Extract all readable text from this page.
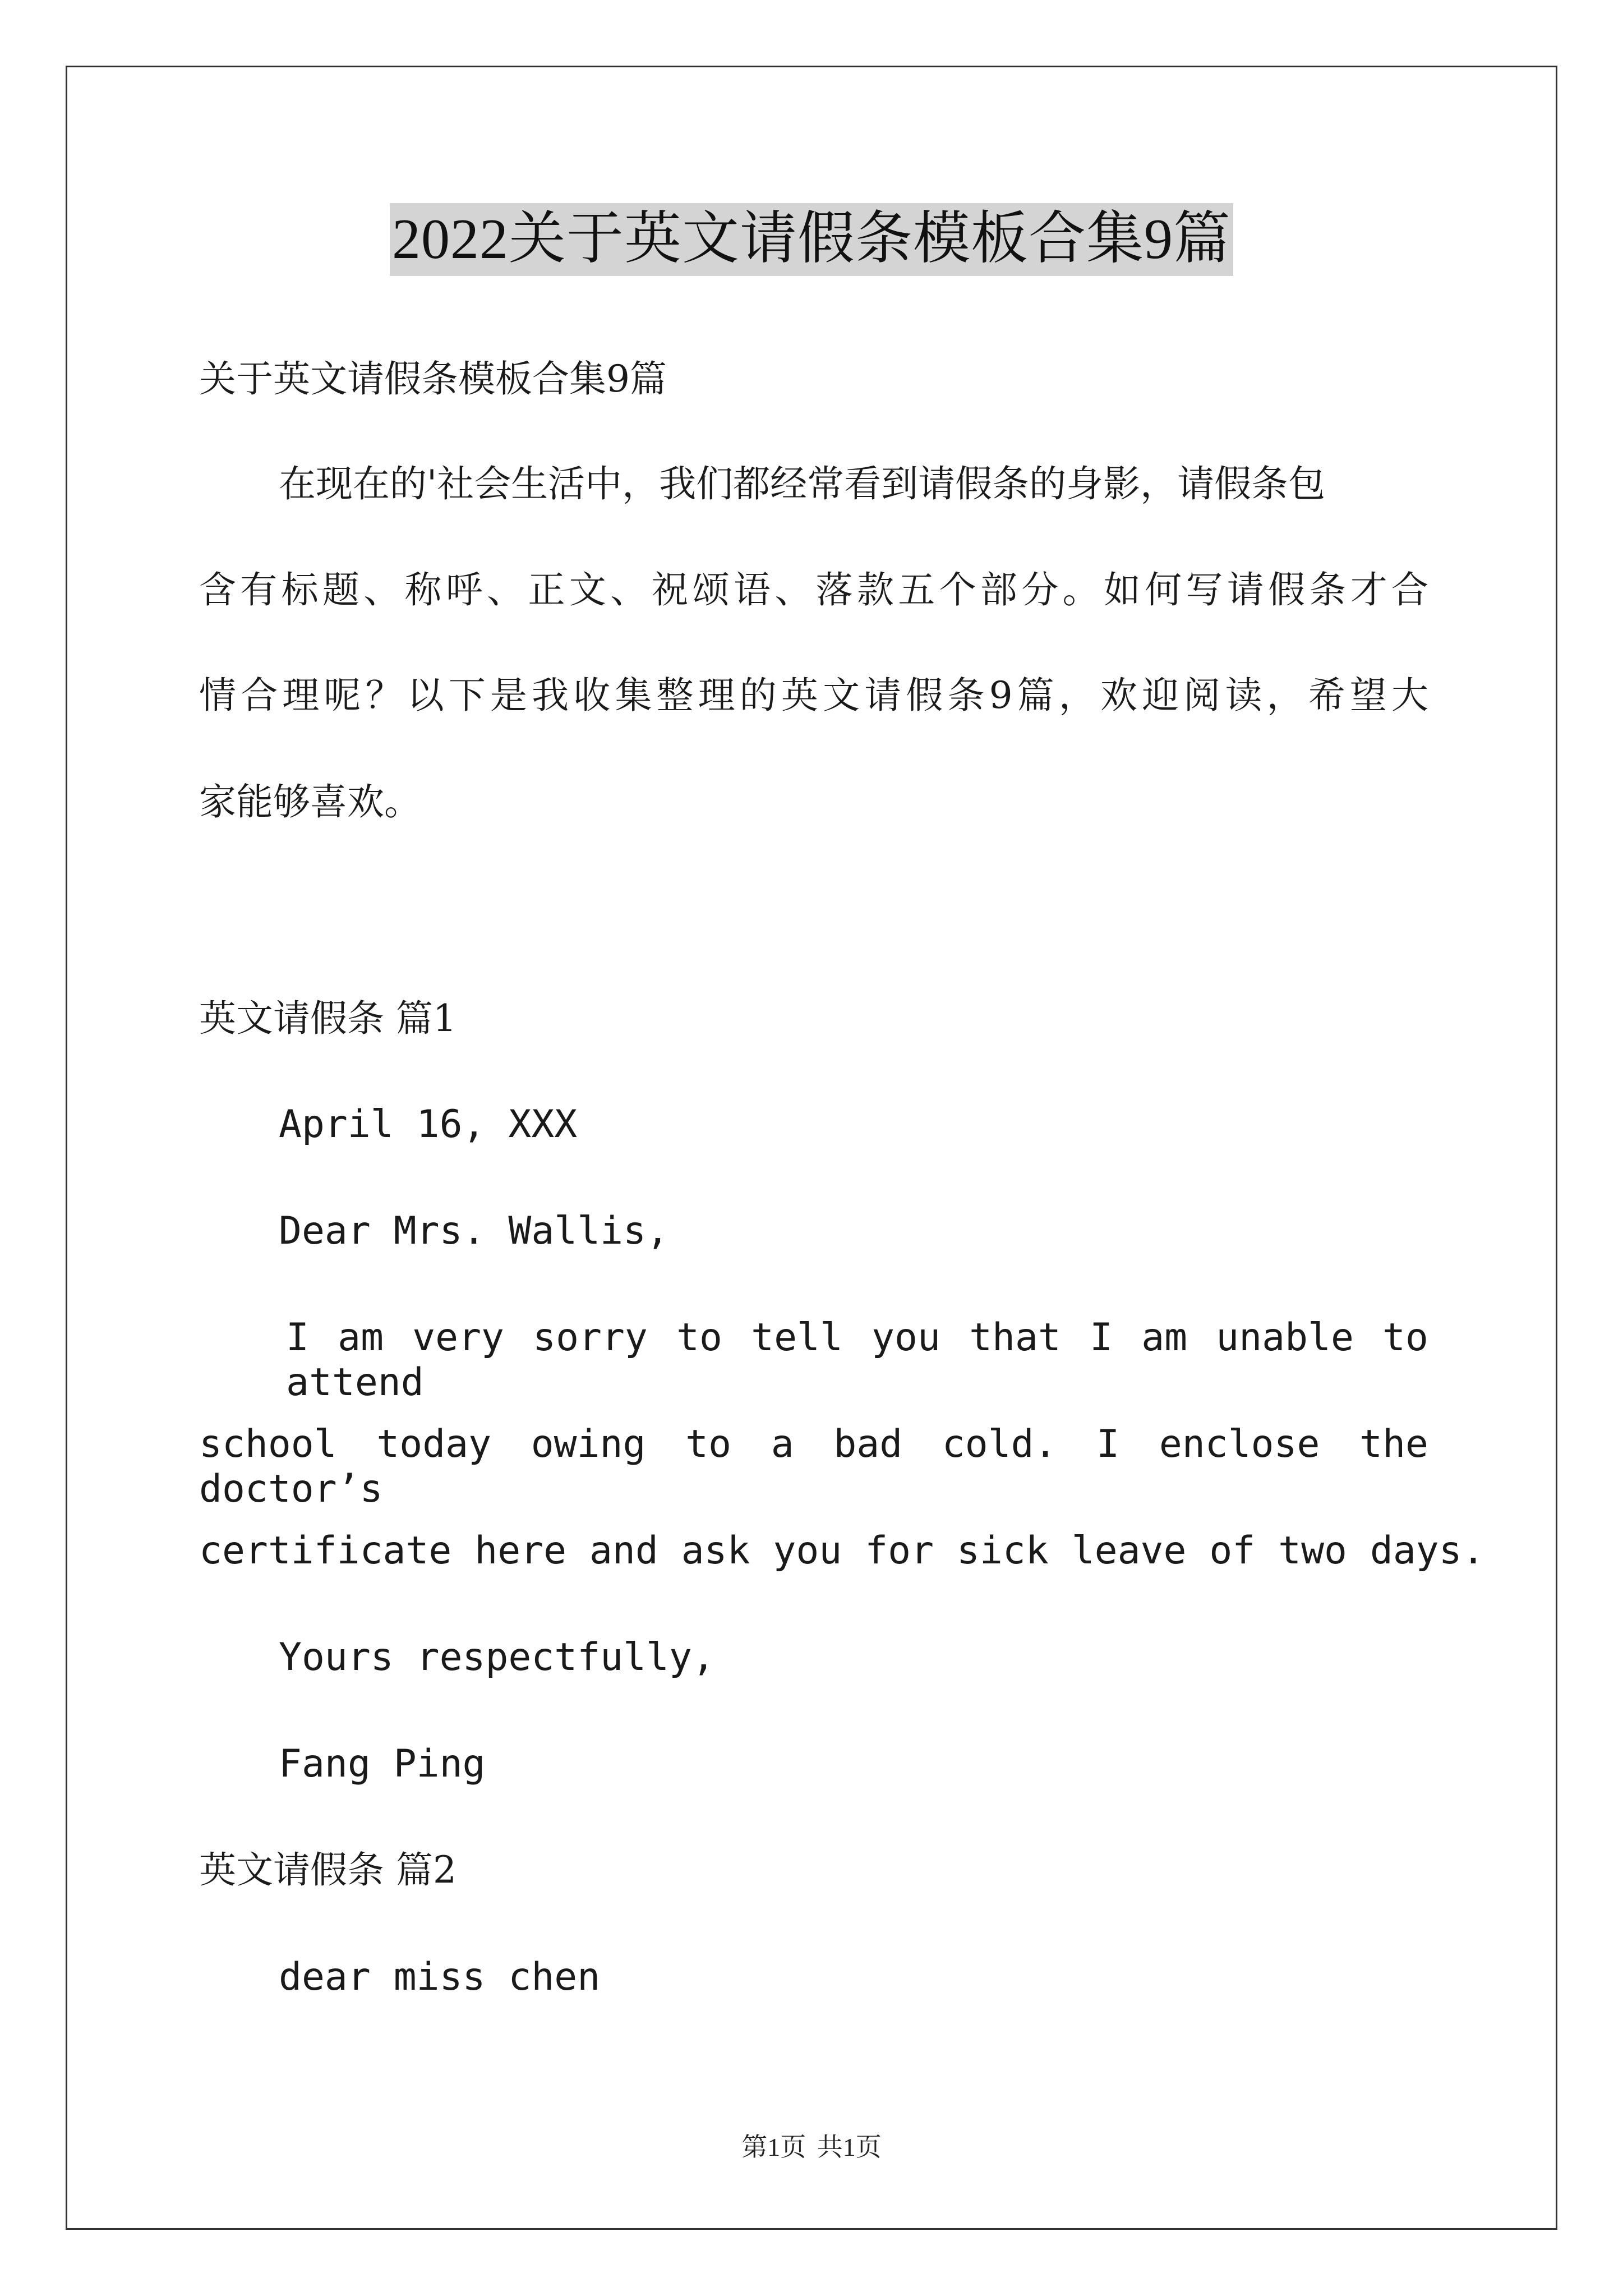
2022关于英文请假条模板合集9篇
关于英文请假条模板合集9篇
在现在的'社会生活中，我们都经常看到请假条的身影，请假条包
含有标题、称呼、正文、祝颂语、落款五个部分。如何写请假条才合
情合理呢？以下是我收集整理的英文请假条9篇，欢迎阅读，希望大
家能够喜欢。
英文请假条 篇1
April 16, XXX
Dear Mrs. Wallis,
I am very sorry to tell you that I am unable to attend
school today owing to a bad cold. I enclose the doctor’s
certificate here and ask you for sick leave of two days.
Yours respectfully,
Fang Ping
英文请假条 篇2
dear miss chen
第1页 共1页
